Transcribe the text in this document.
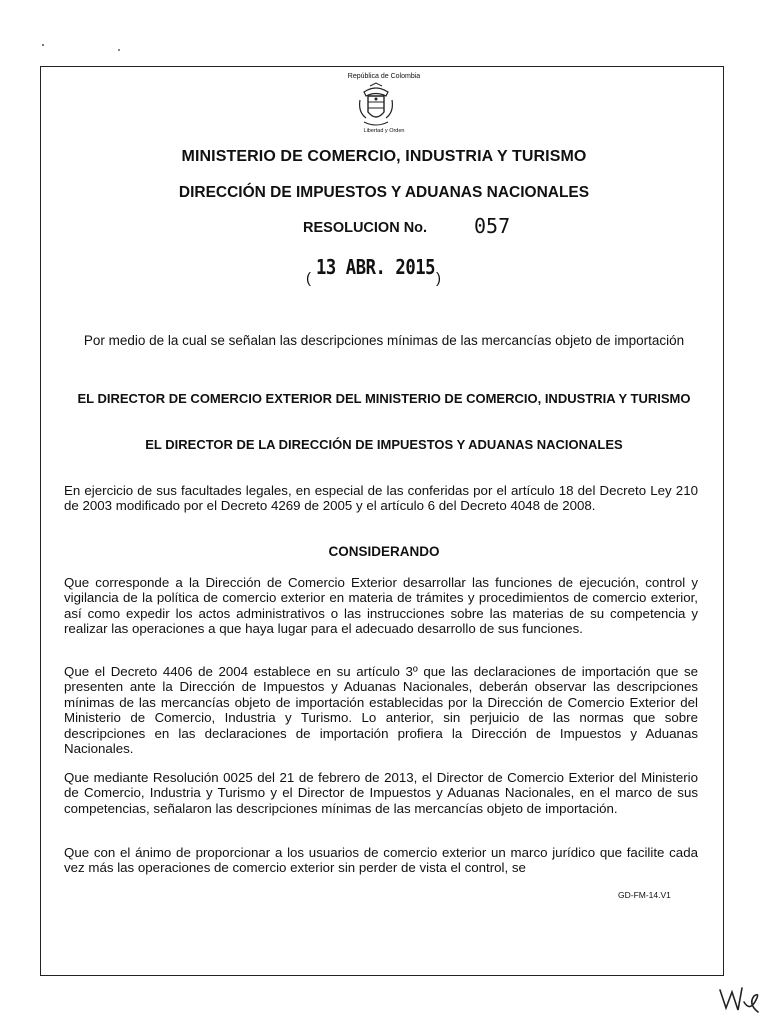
República de Colombia
Libertad y Orden
MINISTERIO DE COMERCIO, INDUSTRIA Y TURISMO
DIRECCIÓN DE IMPUESTOS Y ADUANAS NACIONALES
RESOLUCION No. 057
( 13 ABR. 2015 )
Por medio de la cual se señalan las descripciones mínimas de las mercancías objeto de importación
EL DIRECTOR DE COMERCIO EXTERIOR DEL MINISTERIO DE COMERCIO, INDUSTRIA Y TURISMO
EL DIRECTOR DE LA DIRECCIÓN DE IMPUESTOS Y ADUANAS NACIONALES

En ejercicio de sus facultades legales, en especial de las conferidas por el artículo 18 del Decreto Ley 210 de 2003 modificado por el Decreto 4269 de 2005 y el artículo 6 del Decreto 4048 de 2008.

CONSIDERANDO

Que corresponde a la Dirección de Comercio Exterior desarrollar las funciones de ejecución, control y vigilancia de la política de comercio exterior en materia de trámites y procedimientos de comercio exterior, así como expedir los actos administrativos o las instrucciones sobre las materias de su competencia y realizar las operaciones a que haya lugar para el adecuado desarrollo de sus funciones.

Que el Decreto 4406 de 2004 establece en su artículo 3º que las declaraciones de importación que se presenten ante la Dirección de Impuestos y Aduanas Nacionales, deberán observar las descripciones mínimas de las mercancías objeto de importación establecidas por la Dirección de Comercio Exterior del Ministerio de Comercio, Industria y Turismo. Lo anterior, sin perjuicio de las normas que sobre descripciones en las declaraciones de importación profiera la Dirección de Impuestos y Aduanas Nacionales.

Que mediante Resolución 0025 del 21 de febrero de 2013, el Director de Comercio Exterior del Ministerio de Comercio, Industria y Turismo y el Director de Impuestos y Aduanas Nacionales, en el marco de sus competencias, señalaron las descripciones mínimas de las mercancías objeto de importación.

Que con el ánimo de proporcionar a los usuarios de comercio exterior un marco jurídico que facilite cada vez más las operaciones de comercio exterior sin perder de vista el control, se

GD-FM-14.V1
